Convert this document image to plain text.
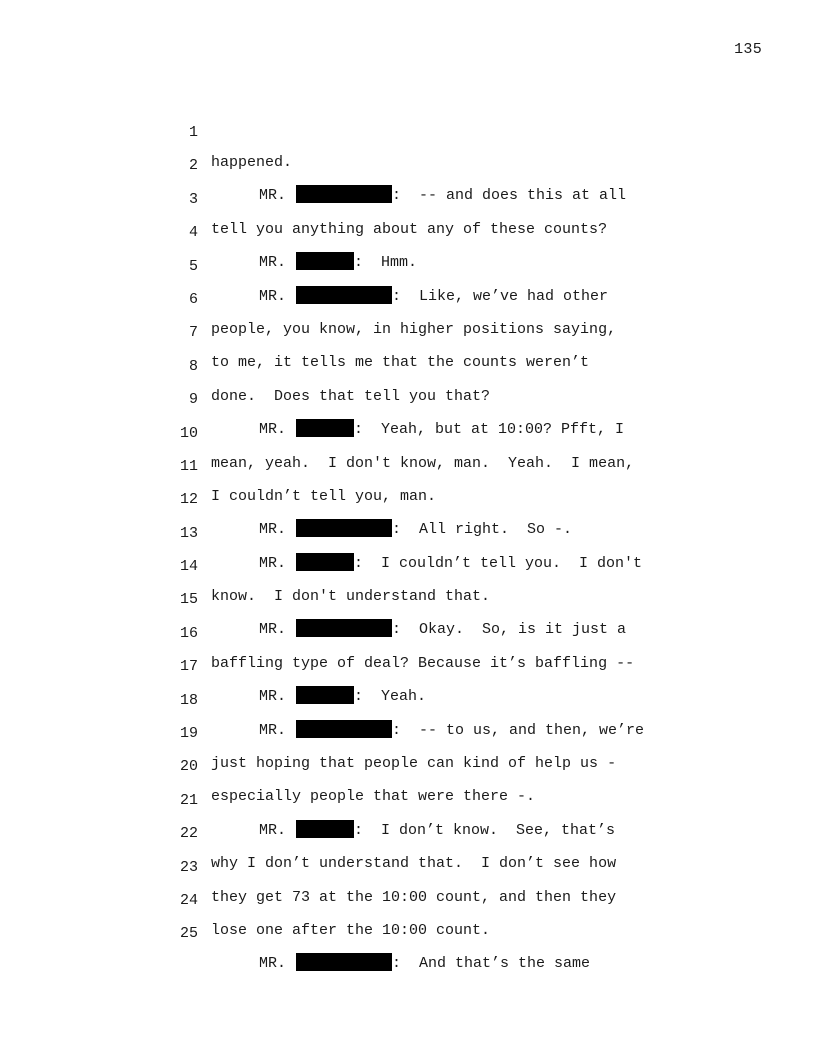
135

1

happened.

2

MR.	:  -- and does this at all

3

tell you anything about any of these counts?

4

MR.	:  Hmm.

5

MR.	:  Like, we’ve had other

6

people, you know, in higher positions saying,

7

to me, it tells me that the counts weren’t

8

done.  Does that tell you that?

9

MR.	:  Yeah, but at 10:00? Pfft, I

10

mean, yeah.  I don't know, man.  Yeah.  I mean,

11

I couldn’t tell you, man.

12

MR.	:  All right.  So -.

13

MR.	:  I couldn’t tell you.  I don't

14

know.  I don't understand that.

15

MR.	:  Okay.  So, is it just a

16

baffling type of deal? Because it’s baffling --

17

MR.	:  Yeah.

18

MR.	:  -- to us, and then, we’re

19

just hoping that people can kind of help us -

20

especially people that were there -.

21

MR.	:  I don’t know.  See, that’s

22

why I don’t understand that.  I don’t see how

23

they get 73 at the 10:00 count, and then they

24

lose one after the 10:00 count.

25

MR.	:  And that’s the same
